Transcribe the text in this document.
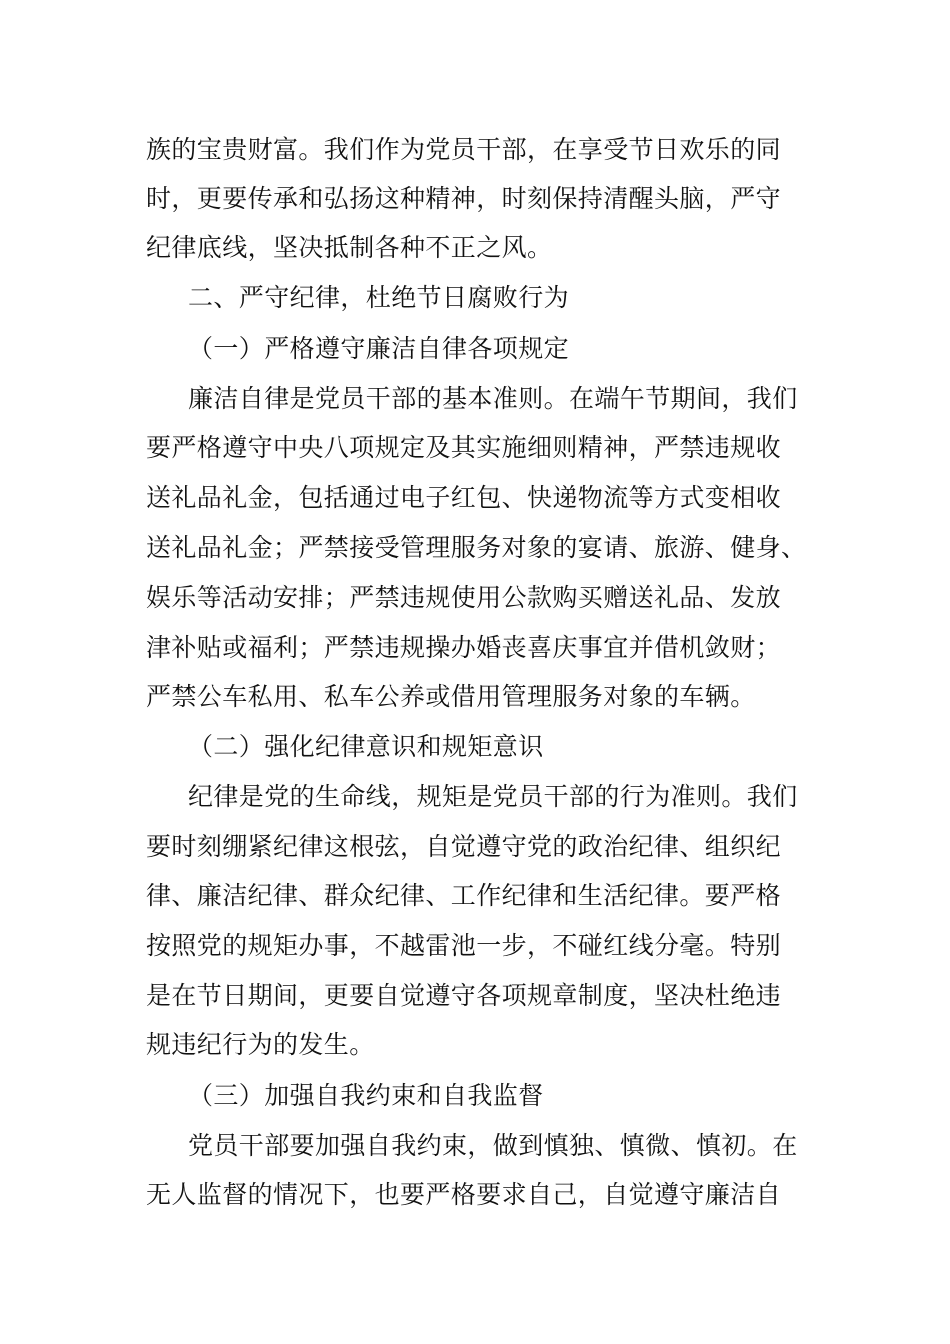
族的宝贵财富。我们作为党员干部，在享受节日欢乐的同
时，更要传承和弘扬这种精神，时刻保持清醒头脑，严守
纪律底线，坚决抵制各种不正之风。
二、严守纪律，杜绝节日腐败行为
（一）严格遵守廉洁自律各项规定
廉洁自律是党员干部的基本准则。在端午节期间，我们
要严格遵守中央八项规定及其实施细则精神，严禁违规收
送礼品礼金，包括通过电子红包、快递物流等方式变相收
送礼品礼金；严禁接受管理服务对象的宴请、旅游、健身、
娱乐等活动安排；严禁违规使用公款购买赠送礼品、发放
津补贴或福利；严禁违规操办婚丧喜庆事宜并借机敛财；
严禁公车私用、私车公养或借用管理服务对象的车辆。
（二）强化纪律意识和规矩意识
纪律是党的生命线，规矩是党员干部的行为准则。我们
要时刻绷紧纪律这根弦，自觉遵守党的政治纪律、组织纪
律、廉洁纪律、群众纪律、工作纪律和生活纪律。要严格
按照党的规矩办事，不越雷池一步，不碰红线分毫。特别
是在节日期间，更要自觉遵守各项规章制度，坚决杜绝违
规违纪行为的发生。
（三）加强自我约束和自我监督
党员干部要加强自我约束，做到慎独、慎微、慎初。在
无人监督的情况下，也要严格要求自己，自觉遵守廉洁自
